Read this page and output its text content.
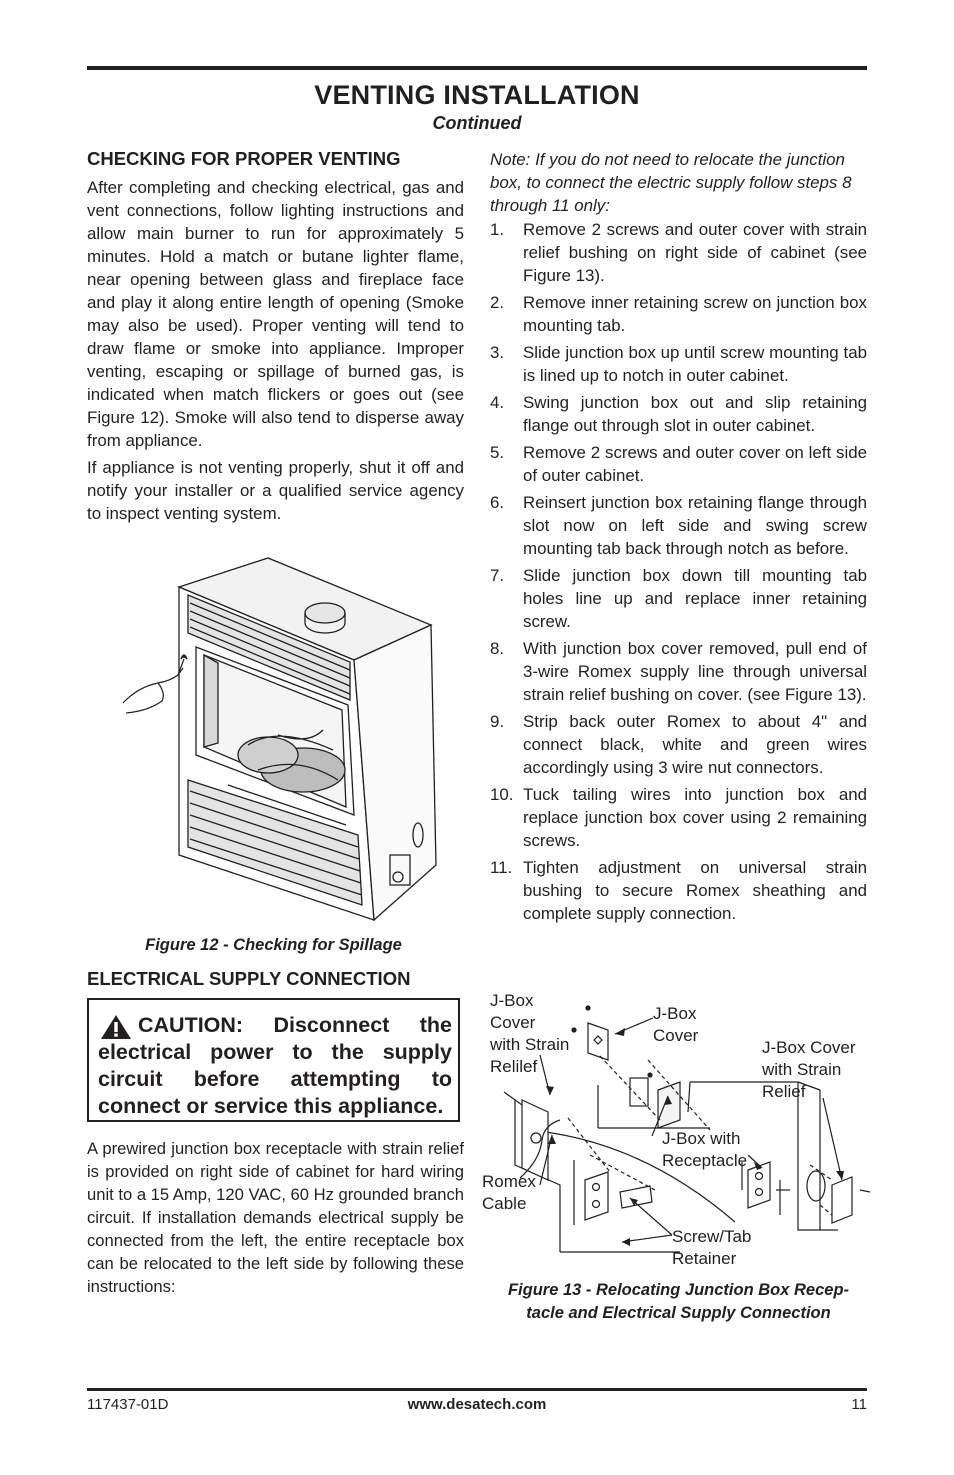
VENTING INSTALLATION
Continued
CHECKING FOR PROPER VENTING

After completing and checking electrical, gas and vent connections, follow lighting instructions and allow main burner to run for approximately 5 minutes. Hold a match or butane lighter flame, near opening between glass and fireplace face and play it along entire length of opening (Smoke may also be used). Proper venting will tend to draw flame or smoke into appliance. Improper venting, escaping or spillage of burned gas, is indicated when match flickers or goes out (see Figure 12). Smoke will also tend to disperse away from appliance.

If appliance is not venting properly, shut it off and notify your installer or a qualified service agency to inspect venting system.

Figure 12 - Checking for Spillage
ELECTRICAL SUPPLY CONNECTION
CAUTION: Disconnect the electrical power to the supply circuit before attempting to connect or service this appliance.

A prewired junction box receptacle with strain relief is provided on right side of cabinet for hard wiring unit to a 15 Amp, 120 VAC, 60 Hz grounded branch circuit. If installation demands electrical supply be connected from the left, the entire receptacle box can be relocated to the left side by following these instructions:

Note: If you do not need to relocate the junction box, to connect the electric supply follow steps 8 through 11 only:
1. Remove 2 screws and outer cover with strain relief bushing on right side of cabinet (see Figure 13).
2. Remove inner retaining screw on junction box mounting tab.
3. Slide junction box up until screw mounting tab is lined up to notch in outer cabinet.
4. Swing junction box out and slip retaining flange out through slot in outer cabinet.
5. Remove 2 screws and outer cover on left side of outer cabinet.
6. Reinsert junction box retaining flange through slot now on left side and swing screw mounting tab back through notch as before.
7. Slide junction box down till mounting tab holes line up and replace inner retaining screw.
8. With junction box cover removed, pull end of 3-wire Romex supply line through universal strain relief bushing on cover. (see Figure 13).
9. Strip back outer Romex to about 4" and connect black, white and green wires accordingly using 3 wire nut connectors.
10. Tuck tailing wires into junction box and replace junction box cover using 2 remaining screws.
11. Tighten adjustment on universal strain bushing to secure Romex sheathing and complete supply connection.
J-Box
Cover
with Strain
Relilef
J-Box
Cover
J-Box Cover
with Strain
Relief
J-Box with
Receptacle
Romex
Cable
Screw/Tab
Retainer
Figure 13 - Relocating Junction Box Recep-
tacle and Electrical Supply Connection
117437-01D	www.desatech.com	11
